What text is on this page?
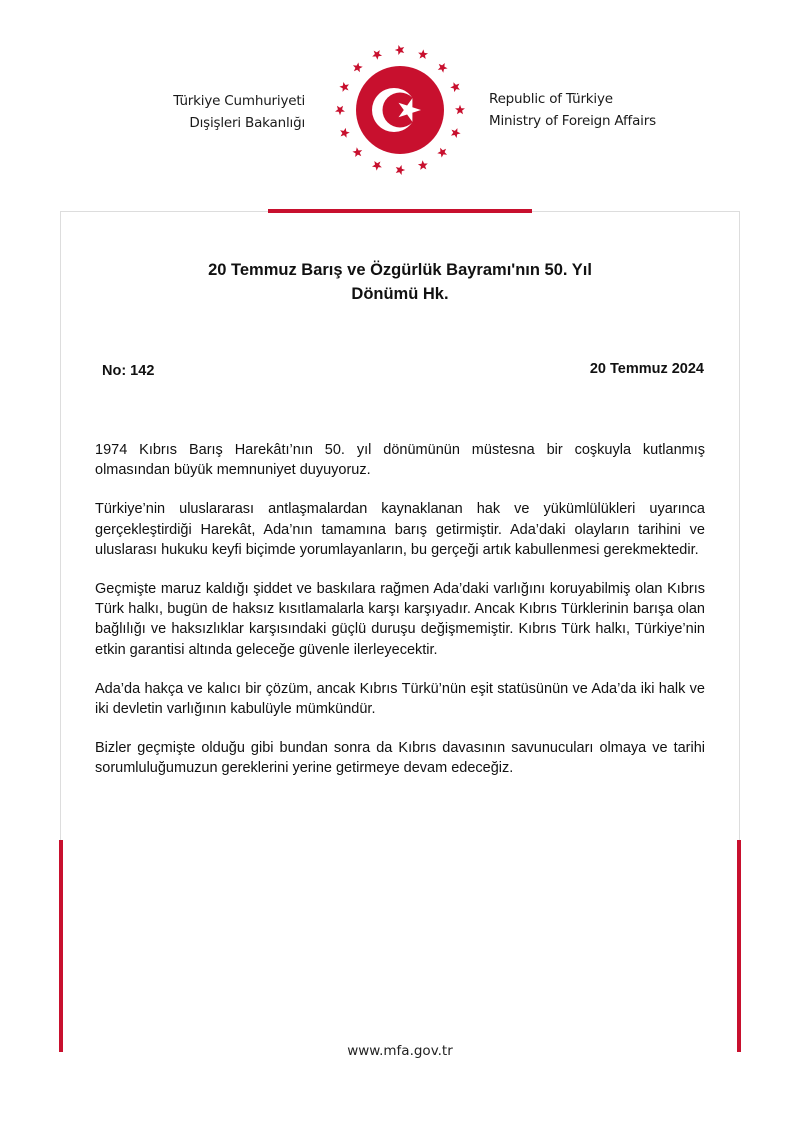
Türkiye Cumhuriyeti
Dışişleri Bakanlığı
Republic of Türkiye
Ministry of Foreign Affairs
20 Temmuz Barış ve Özgürlük Bayramı'nın 50. Yıl
Dönümü Hk.
No: 142	20 Temmuz 2024

1974 Kıbrıs Barış Harekâtı’nın 50. yıl dönümünün müstesna bir coşkuyla kutlanmış olmasından büyük memnuniyet duyuyoruz.

Türkiye’nin uluslararası antlaşmalardan kaynaklanan hak ve yükümlülükleri uyarınca gerçekleştirdiği Harekât, Ada’nın tamamına barış getirmiştir. Ada’daki olayların tarihini ve uluslarası hukuku keyfi biçimde yorumlayanların, bu gerçeği artık kabullenmesi gerekmektedir.

Geçmişte maruz kaldığı şiddet ve baskılara rağmen Ada’daki varlığını koruyabilmiş olan Kıbrıs Türk halkı, bugün de haksız kısıtlamalarla karşı karşıyadır. Ancak Kıbrıs Türklerinin barışa olan bağlılığı ve haksızlıklar karşısındaki güçlü duruşu değişmemiştir. Kıbrıs Türk halkı, Türkiye’nin etkin garantisi altında geleceğe güvenle ilerleyecektir.

Ada’da hakça ve kalıcı bir çözüm, ancak Kıbrıs Türkü’nün eşit statüsünün ve Ada’da iki halk ve iki devletin varlığının kabulüyle mümkündür.

Bizler geçmişte olduğu gibi bundan sonra da Kıbrıs davasının savunucuları olmaya ve tarihi sorumluluğumuzun gereklerini yerine getirmeye devam edeceğiz.

www.mfa.gov.tr
